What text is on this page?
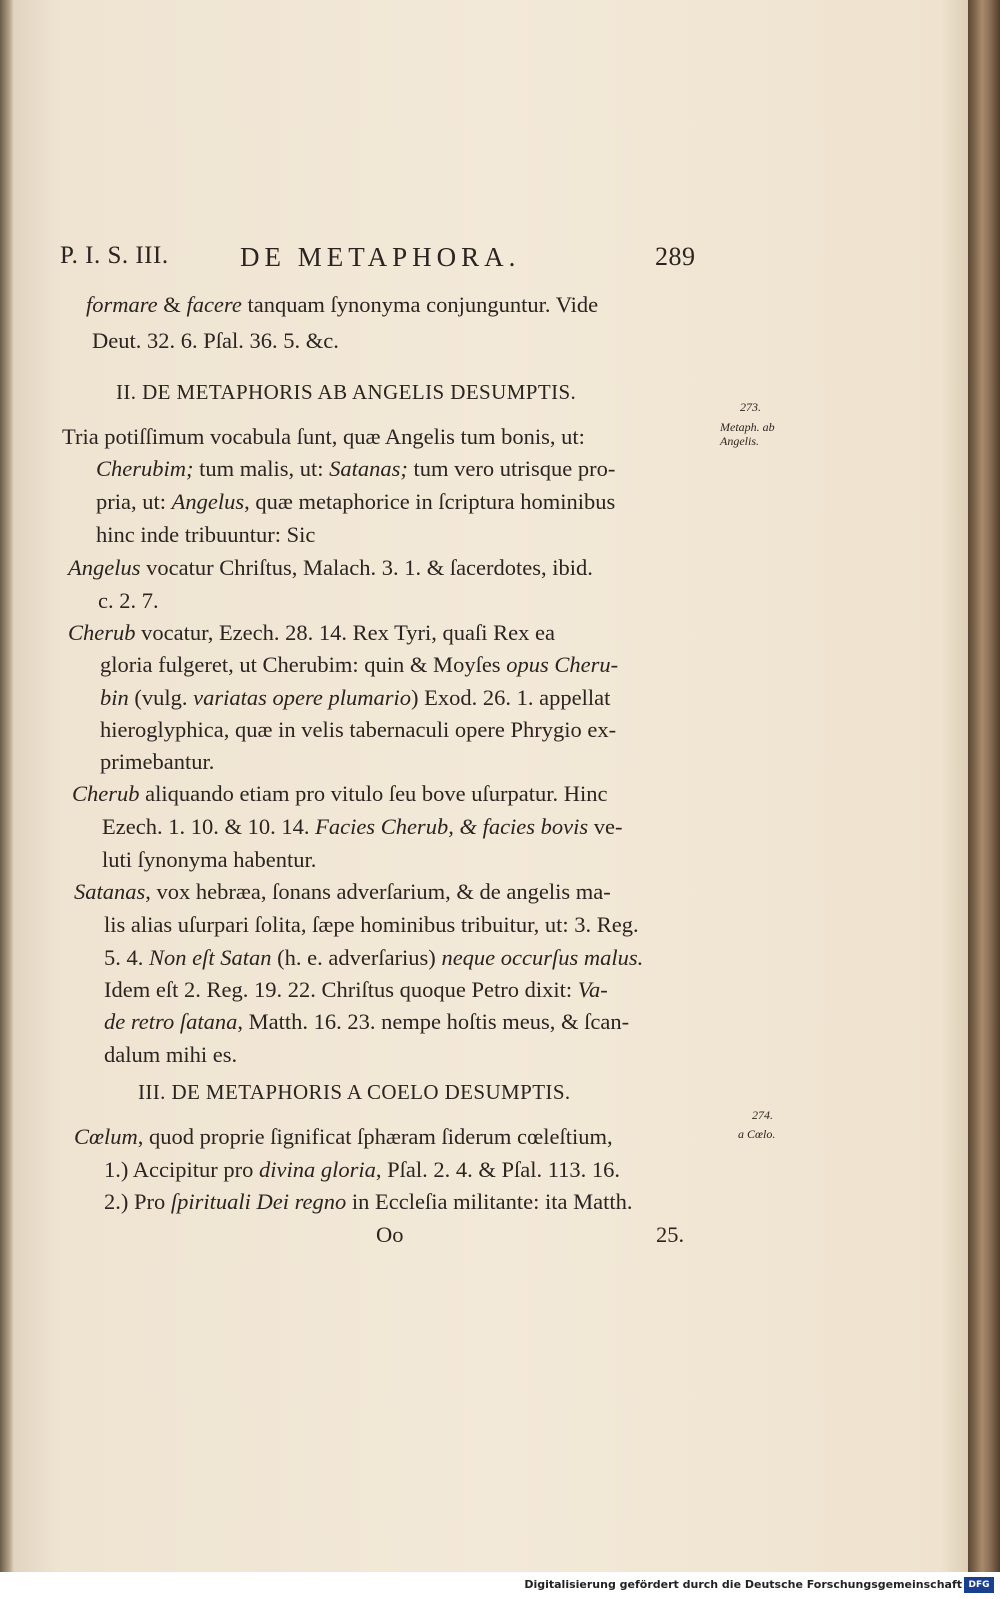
P. I. S. III.	DE METAPHORA.	289
formare & facere tanquam ſynonyma conjunguntur. Vide
Deut. 32. 6. Pſal. 36. 5. &c.
II. DE METAPHORIS AB ANGELIS DESUMPTIS.
Tria potiſſimum vocabula ſunt, quæ Angelis tum bonis, ut:
Cherubim; tum malis, ut: Satanas; tum vero utrisque pro-
pria, ut: Angelus, quæ metaphorice in ſcriptura hominibus
hinc inde tribuuntur: Sic
Angelus vocatur Chriſtus, Malach. 3. 1. & ſacerdotes, ibid.
c. 2. 7.
Cherub vocatur, Ezech. 28. 14. Rex Tyri, quaſi Rex ea
gloria fulgeret, ut Cherubim: quin & Moyſes opus Cheru-
bin (vulg. variatas opere plumario) Exod. 26. 1. appellat
hieroglyphica, quæ in velis tabernaculi opere Phrygio ex-
primebantur.
Cherub aliquando etiam pro vitulo ſeu bove uſurpatur. Hinc
Ezech. 1. 10. & 10. 14. Facies Cherub, & facies bovis ve-
luti ſynonyma habentur.
Satanas, vox hebræa, ſonans adverſarium, & de angelis ma-
lis alias uſurpari ſolita, ſæpe hominibus tribuitur, ut: 3. Reg.
5. 4. Non eſt Satan (h. e. adverſarius) neque occurſus malus.
Idem eſt 2. Reg. 19. 22. Chriſtus quoque Petro dixit: Va-
de retro ſatana, Matth. 16. 23. nempe hoſtis meus, & ſcan-
dalum mihi es.
III. DE METAPHORIS A COELO DESUMPTIS.
Cœlum, quod proprie ſignificat ſphæram ſiderum cœleſtium,
1.) Accipitur pro divina gloria, Pſal. 2. 4. & Pſal. 113. 16.
2.) Pro ſpirituali Dei regno in Eccleſia militante: ita Matth.
Oo	25.
273.
Metaph. ab Angelis.
274.
a Cœlo.
Digitalisierung gefördert durch die Deutsche Forschungsgemeinschaft DFG
